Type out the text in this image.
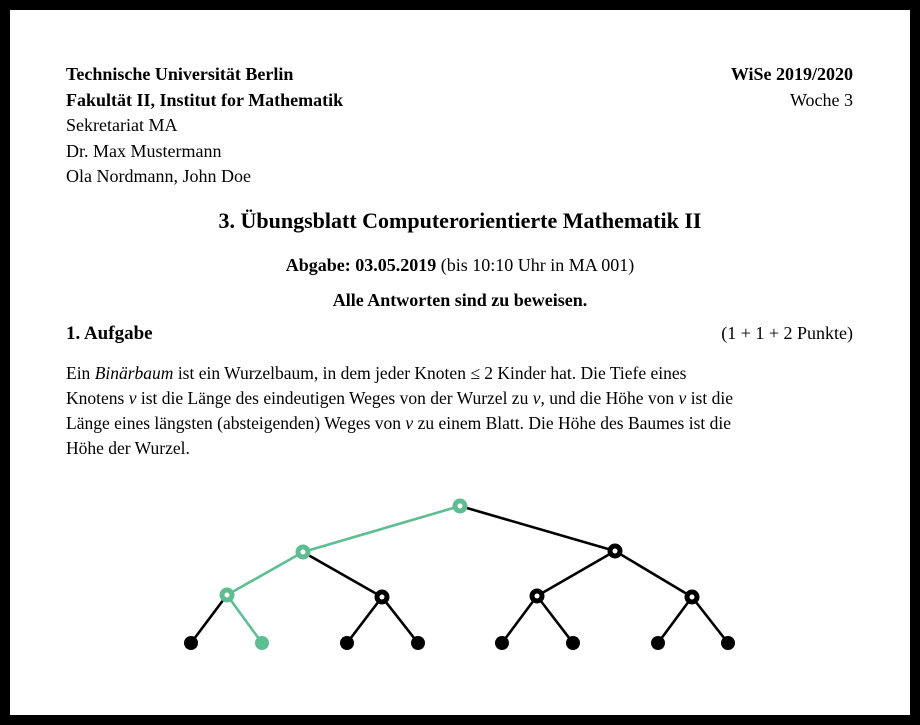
Technische Universität Berlin
Fakultät II, Institut for Mathematik
Sekretariat MA
Dr. Max Mustermann
Ola Nordmann, John Doe
WiSe 2019/2020
Woche 3
3. Übungsblatt Computerorientierte Mathematik II

Abgabe: 03.05.2019 (bis 10:10 Uhr in MA 001)

Alle Antworten sind zu beweisen.

1. Aufgabe	(1 + 1 + 2 Punkte)
Ein Binärbaum ist ein Wurzelbaum, in dem jeder Knoten ≤ 2 Kinder hat. Die Tiefe eines
Knotens v ist die Länge des eindeutigen Weges von der Wurzel zu v, und die Höhe von v ist die
Länge eines längsten (absteigenden) Weges von v zu einem Blatt. Die Höhe des Baumes ist die
Höhe der Wurzel.
